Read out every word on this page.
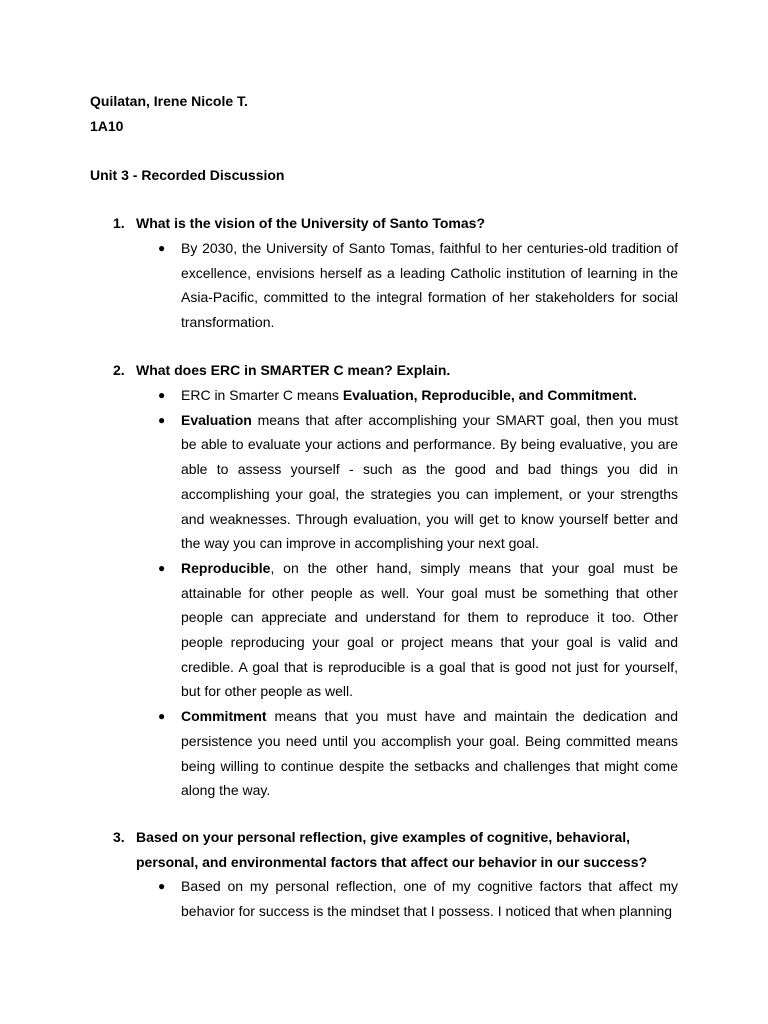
Quilatan, Irene Nicole T.
1A10
Unit 3 - Recorded Discussion
1. What is the vision of the University of Santo Tomas?
● By 2030, the University of Santo Tomas, faithful to her centuries-old tradition of excellence, envisions herself as a leading Catholic institution of learning in the Asia-Pacific, committed to the integral formation of her stakeholders for social transformation.
2. What does ERC in SMARTER C mean? Explain.
● ERC in Smarter C means Evaluation, Reproducible, and Commitment.
● Evaluation means that after accomplishing your SMART goal, then you must be able to evaluate your actions and performance. By being evaluative, you are able to assess yourself - such as the good and bad things you did in accomplishing your goal, the strategies you can implement, or your strengths and weaknesses. Through evaluation, you will get to know yourself better and the way you can improve in accomplishing your next goal.
● Reproducible, on the other hand, simply means that your goal must be attainable for other people as well. Your goal must be something that other people can appreciate and understand for them to reproduce it too. Other people reproducing your goal or project means that your goal is valid and credible. A goal that is reproducible is a goal that is good not just for yourself, but for other people as well.
● Commitment means that you must have and maintain the dedication and persistence you need until you accomplish your goal. Being committed means being willing to continue despite the setbacks and challenges that might come along the way.
3. Based on your personal reflection, give examples of cognitive, behavioral, personal, and environmental factors that affect our behavior in our success?
● Based on my personal reflection, one of my cognitive factors that affect my behavior for success is the mindset that I possess. I noticed that when planning
